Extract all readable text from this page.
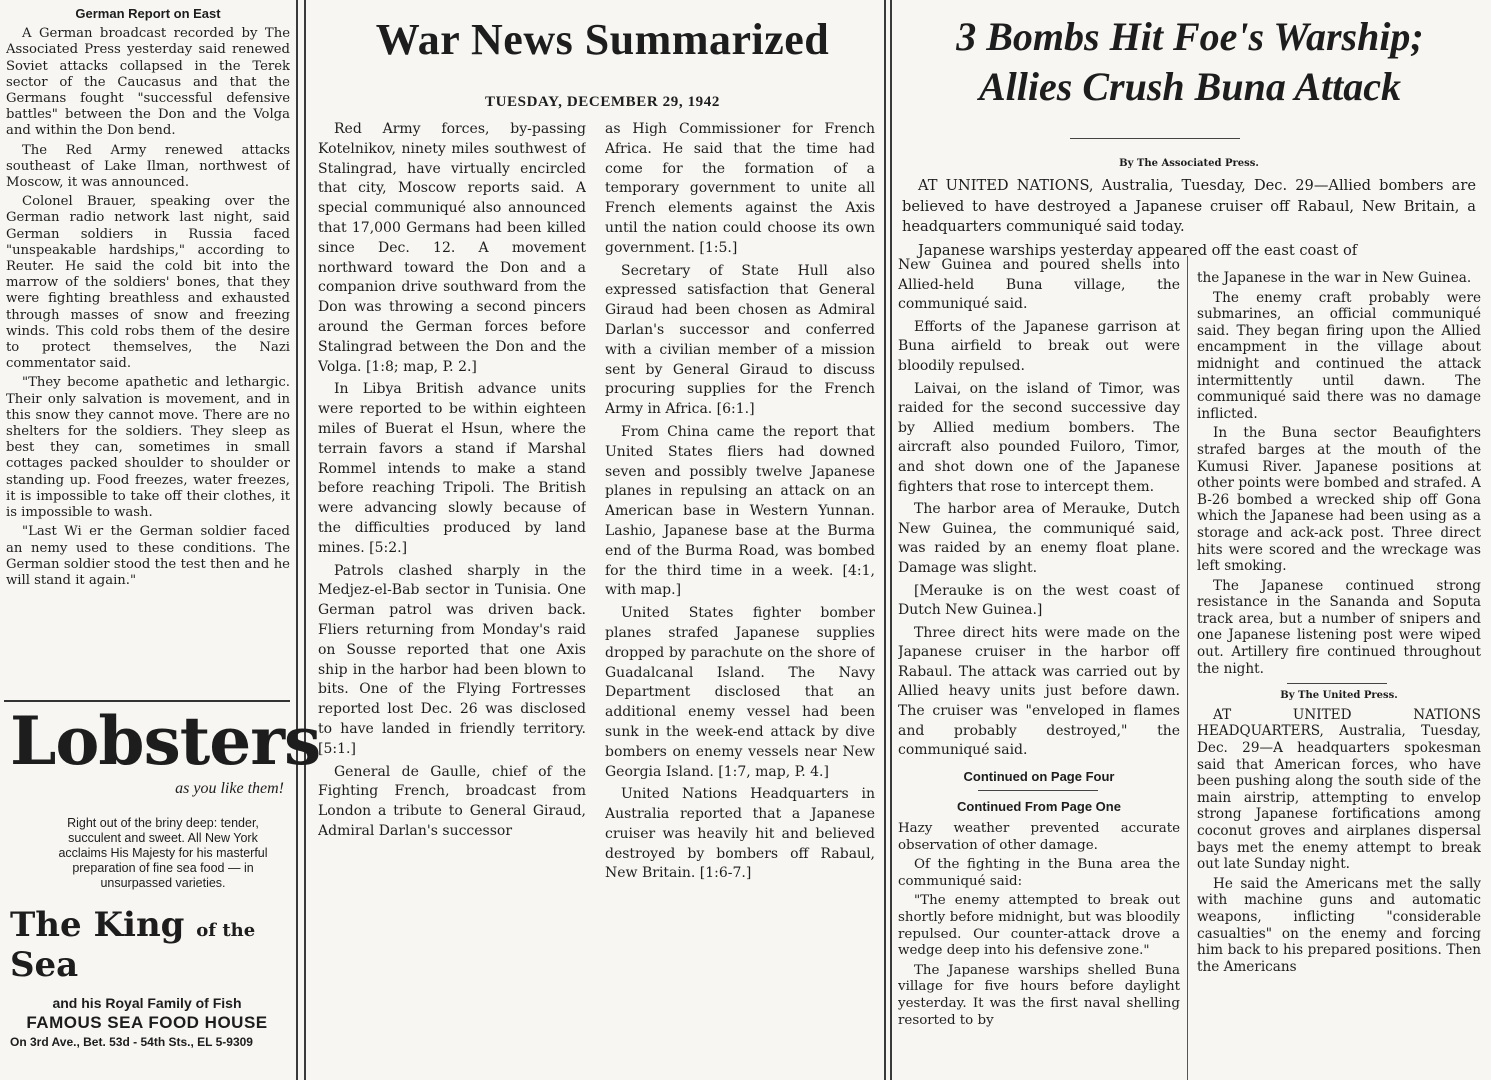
German Report on East

A German broadcast recorded by The Associated Press yesterday said renewed Soviet attacks collapsed in the Terek sector of the Caucasus and that the Germans fought "successful defensive battles" between the Don and the Volga and within the Don bend.

The Red Army renewed attacks southeast of Lake Ilman, northwest of Moscow, it was announced.

Colonel Brauer, speaking over the German radio network last night, said German soldiers in Russia faced "unspeakable hardships," according to Reuter. He said the cold bit into the marrow of the soldiers' bones, that they were fighting breathless and exhausted through masses of snow and freezing winds. This cold robs them of the desire to protect themselves, the Nazi commentator said.

"They become apathetic and lethargic. Their only salvation is movement, and in this snow they cannot move. There are no shelters for the soldiers. They sleep as best they can, sometimes in small cottages packed shoulder to shoulder or standing up. Food freezes, water freezes, it is impossible to take off their clothes, it is impossible to wash.

"Last Wi er the German soldier faced an nemy used to these conditions. The German soldier stood the test then and he will stand it again."

Lobsters
as you like them!
Right out of the briny deep: tender, succulent and sweet. All New York acclaims His Majesty for his masterful preparation of fine sea food — in unsurpassed varieties.
The King of the Sea
and his Royal Family of Fish
FAMOUS SEA FOOD HOUSE
On 3rd Ave., Bet. 53d - 54th Sts., EL 5-9309
War News Summarized
TUESDAY, DECEMBER 29, 1942

Red Army forces, by-passing Kotelnikov, ninety miles southwest of Stalingrad, have virtually encircled that city, Moscow reports said. A special communiqué also announced that 17,000 Germans had been killed since Dec. 12. A movement northward toward the Don and a companion drive southward from the Don was throwing a second pincers around the German forces before Stalingrad between the Don and the Volga. [1:8; map, P. 2.]

In Libya British advance units were reported to be within eighteen miles of Buerat el Hsun, where the terrain favors a stand if Marshal Rommel intends to make a stand before reaching Tripoli. The British were advancing slowly because of the difficulties produced by land mines. [5:2.]

Patrols clashed sharply in the Medjez-el-Bab sector in Tunisia. One German patrol was driven back. Fliers returning from Monday's raid on Sousse reported that one Axis ship in the harbor had been blown to bits. One of the Flying Fortresses reported lost Dec. 26 was disclosed to have landed in friendly territory. [5:1.]

General de Gaulle, chief of the Fighting French, broadcast from London a tribute to General Giraud, Admiral Darlan's successor

as High Commissioner for French Africa. He said that the time had come for the formation of a temporary government to unite all French elements against the Axis until the nation could choose its own government. [1:5.]

Secretary of State Hull also expressed satisfaction that General Giraud had been chosen as Admiral Darlan's successor and conferred with a civilian member of a mission sent by General Giraud to discuss procuring supplies for the French Army in Africa. [6:1.]

From China came the report that United States fliers had downed seven and possibly twelve Japanese planes in repulsing an attack on an American base in Western Yunnan. Lashio, Japanese base at the Burma end of the Burma Road, was bombed for the third time in a week. [4:1, with map.]

United States fighter bomber planes strafed Japanese supplies dropped by parachute on the shore of Guadalcanal Island. The Navy Department disclosed that an additional enemy vessel had been sunk in the week-end attack by dive bombers on enemy vessels near New Georgia Island. [1:7, map, P. 4.]

United Nations Headquarters in Australia reported that a Japanese cruiser was heavily hit and believed destroyed by bombers off Rabaul, New Britain. [1:6-7.]

3 Bombs Hit Foe's Warship;
Allies Crush Buna Attack
By The Associated Press.

AT UNITED NATIONS, Australia, Tuesday, Dec. 29—Allied bombers are believed to have destroyed a Japanese cruiser off Rabaul, New Britain, a headquarters communiqué said today.

Japanese warships yesterday appeared off the east coast of

New Guinea and poured shells into Allied-held Buna village, the communiqué said.

Efforts of the Japanese garrison at Buna airfield to break out were bloodily repulsed.

Laivai, on the island of Timor, was raided for the second successive day by Allied medium bombers. The aircraft also pounded Fuiloro, Timor, and shot down one of the Japanese fighters that rose to intercept them.

The harbor area of Merauke, Dutch New Guinea, the communiqué said, was raided by an enemy float plane. Damage was slight.

[Merauke is on the west coast of Dutch New Guinea.]

Three direct hits were made on the Japanese cruiser in the harbor off Rabaul. The attack was carried out by Allied heavy units just before dawn. The cruiser was "enveloped in flames and probably destroyed," the communiqué said.

Continued on Page Four
Continued From Page One

Hazy weather prevented accurate observation of other damage.

Of the fighting in the Buna area the communiqué said:

"The enemy attempted to break out shortly before midnight, but was bloodily repulsed. Our counter-attack drove a wedge deep into his defensive zone."

The Japanese warships shelled Buna village for five hours before daylight yesterday. It was the first naval shelling resorted to by

the Japanese in the war in New Guinea.

The enemy craft probably were submarines, an official communiqué said. They began firing upon the Allied encampment in the village about midnight and continued the attack intermittently until dawn. The communiqué said there was no damage inflicted.

In the Buna sector Beaufighters strafed barges at the mouth of the Kumusi River. Japanese positions at other points were bombed and strafed. A B-26 bombed a wrecked ship off Gona which the Japanese had been using as a storage and ack-ack post. Three direct hits were scored and the wreckage was left smoking.

The Japanese continued strong resistance in the Sananda and Soputa track area, but a number of snipers and one Japanese listening post were wiped out. Artillery fire continued throughout the night.

By The United Press.

AT UNITED NATIONS HEADQUARTERS, Australia, Tuesday, Dec. 29—A headquarters spokesman said that American forces, who have been pushing along the south side of the main airstrip, attempting to envelop strong Japanese fortifications among coconut groves and airplanes dispersal bays met the enemy attempt to break out late Sunday night.

He said the Americans met the sally with machine guns and automatic weapons, inflicting "considerable casualties" on the enemy and forcing him back to his prepared positions. Then the Americans
